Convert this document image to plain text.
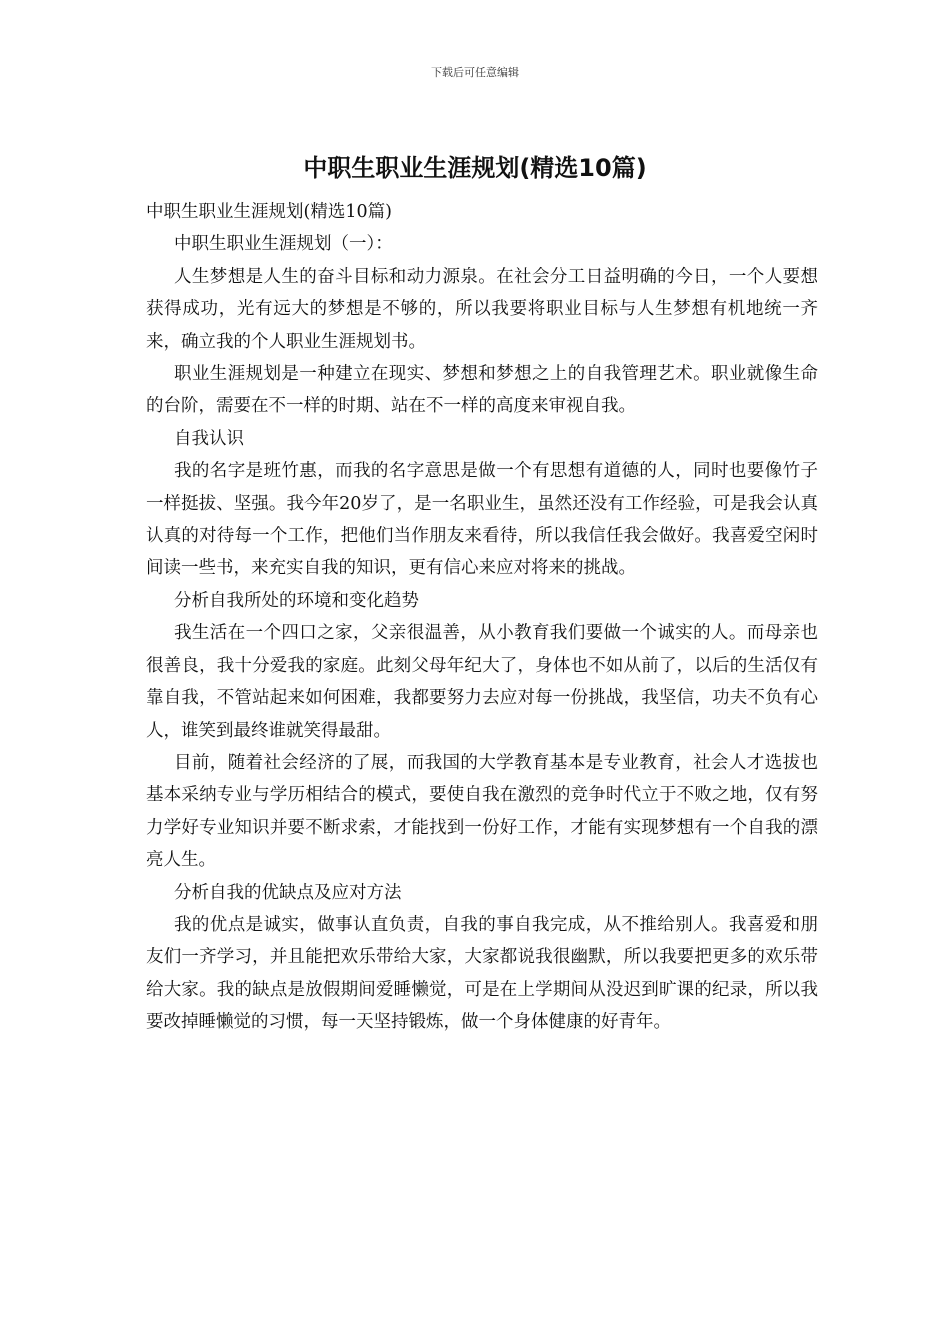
下载后可任意编辑
中职生职业生涯规划(精选10篇)

中职生职业生涯规划(精选10篇)

中职生职业生涯规划（一）：

人生梦想是人生的奋斗目标和动力源泉。在社会分工日益明确的今日，一个人要想获得成功，光有远大的梦想是不够的，所以我要将职业目标与人生梦想有机地统一齐来，确立我的个人职业生涯规划书。

职业生涯规划是一种建立在现实、梦想和梦想之上的自我管理艺术。职业就像生命的台阶，需要在不一样的时期、站在不一样的高度来审视自我。

自我认识

我的名字是班竹惠，而我的名字意思是做一个有思想有道德的人，同时也要像竹子一样挺拔、坚强。我今年20岁了，是一名职业生，虽然还没有工作经验，可是我会认真认真的对待每一个工作，把他们当作朋友来看待，所以我信任我会做好。我喜爱空闲时间读一些书，来充实自我的知识，更有信心来应对将来的挑战。

分析自我所处的环境和变化趋势

我生活在一个四口之家，父亲很温善，从小教育我们要做一个诚实的人。而母亲也很善良，我十分爱我的家庭。此刻父母年纪大了，身体也不如从前了，以后的生活仅有靠自我，不管站起来如何困难，我都要努力去应对每一份挑战，我坚信，功夫不负有心人，谁笑到最终谁就笑得最甜。

目前，随着社会经济的了展，而我国的大学教育基本是专业教育，社会人才选拔也基本采纳专业与学历相结合的模式，要使自我在激烈的竞争时代立于不败之地，仅有努力学好专业知识并要不断求索，才能找到一份好工作，才能有实现梦想有一个自我的漂亮人生。

分析自我的优缺点及应对方法

我的优点是诚实，做事认直负责，自我的事自我完成，从不推给别人。我喜爱和朋友们一齐学习，并且能把欢乐带给大家，大家都说我很幽默，所以我要把更多的欢乐带给大家。我的缺点是放假期间爱睡懒觉，可是在上学期间从没迟到旷课的纪录，所以我要改掉睡懒觉的习惯，每一天坚持锻炼，做一个身体健康的好青年。
